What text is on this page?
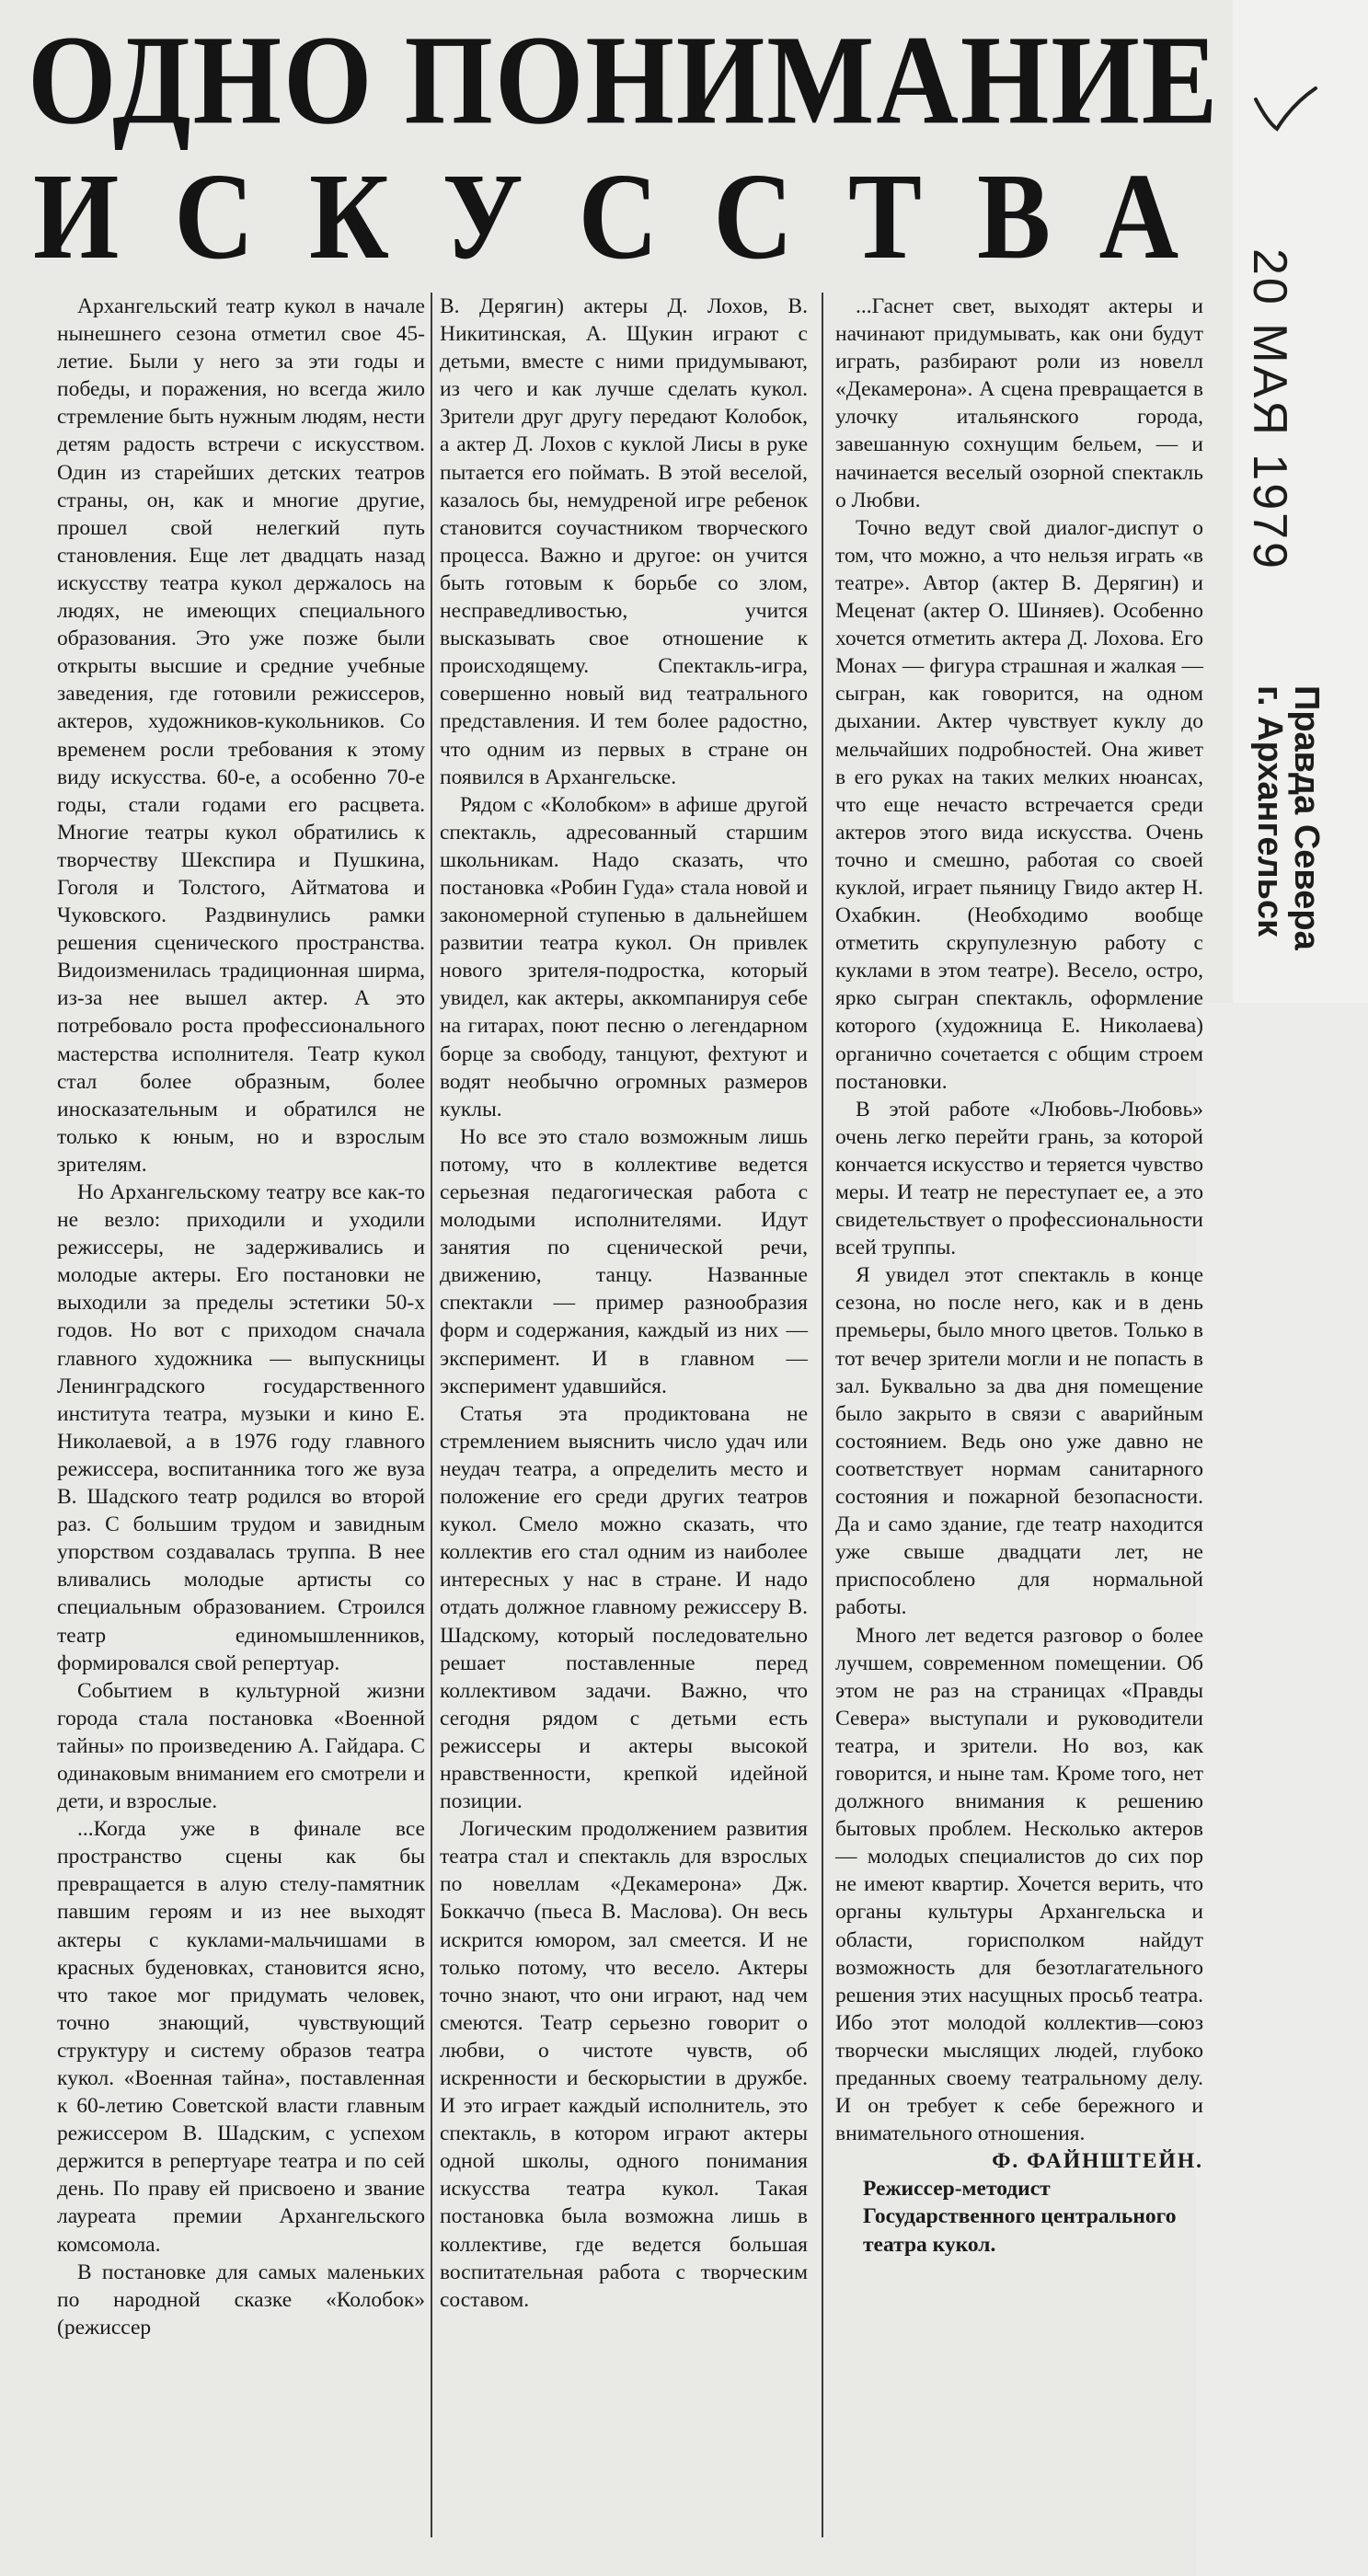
ОДНО ПОНИМАНИЕ
ИСКУССТВА
20 МАЯ 1979
Правда Севера
г. Архангельск

Архангельский театр кукол в начале нынешнего сезона отметил свое 45-летие. Были у него за эти годы и победы, и поражения, но всегда жило стремление быть нужным людям, нести детям радость встречи с искусством. Один из старейших детских театров страны, он, как и многие другие, прошел свой нелегкий путь становления. Еще лет двадцать назад искусству театра кукол держалось на людях, не имеющих специального образования. Это уже позже были открыты высшие и средние учебные заведения, где готовили режиссеров, актеров, художников-кукольников. Со временем росли требования к этому виду искусства. 60-е, а особенно 70-е годы, стали годами его расцвета. Многие театры кукол обратились к творчеству Шекспира и Пушкина, Гоголя и Толстого, Айтматова и Чуковского. Раздвинулись рамки решения сценического пространства. Видоизменилась традиционная ширма, из-за нее вышел актер. А это потребовало роста профессионального мастерства исполнителя. Театр кукол стал более образным, более иносказательным и обратился не только к юным, но и взрослым зрителям.

Но Архангельскому театру все как-то не везло: приходили и уходили режиссеры, не задерживались и молодые актеры. Его постановки не выходили за пределы эстетики 50-х годов. Но вот с приходом сначала главного художника — выпускницы Ленинградского государственного института театра, музыки и кино Е. Николаевой, а в 1976 году главного режиссера, воспитанника того же вуза В. Шадского театр родился во второй раз. С большим трудом и завидным упорством создавалась труппа. В нее вливались молодые артисты со специальным образованием. Строился театр единомышленников, формировался свой репертуар.

Событием в культурной жизни города стала постановка «Военной тайны» по произведению А. Гайдара. С одинаковым вниманием его смотрели и дети, и взрослые.

...Когда уже в финале все пространство сцены как бы превращается в алую стелу-памятник павшим героям и из нее выходят актеры с куклами-мальчишами в красных буденовках, становится ясно, что такое мог придумать человек, точно знающий, чувствующий структуру и систему образов театра кукол. «Военная тайна», поставленная к 60-летию Советской власти главным режиссером В. Шадским, с успехом держится в репертуаре театра и по сей день. По праву ей присвоено и звание лауреата премии Архангельского комсомола.

В постановке для самых маленьких по народной сказке «Колобок» (режиссер

В. Дерягин) актеры Д. Лохов, В. Никитинская, А. Щукин играют с детьми, вместе с ними придумывают, из чего и как лучше сделать кукол. Зрители друг другу передают Колобок, а актер Д. Лохов с куклой Лисы в руке пытается его поймать. В этой веселой, казалось бы, немудреной игре ребенок становится соучастником творческого процесса. Важно и другое: он учится быть готовым к борьбе со злом, несправедливостью, учится высказывать свое отношение к происходящему. Спектакль-игра, совершенно новый вид театрального представления. И тем более радостно, что одним из первых в стране он появился в Архангельске.

Рядом с «Колобком» в афише другой спектакль, адресованный старшим школьникам. Надо сказать, что постановка «Робин Гуда» стала новой и закономерной ступенью в дальнейшем развитии театра кукол. Он привлек нового зрителя-подростка, который увидел, как актеры, аккомпанируя себе на гитарах, поют песню о легендарном борце за свободу, танцуют, фехтуют и водят необычно огромных размеров куклы.

Но все это стало возможным лишь потому, что в коллективе ведется серьезная педагогическая работа с молодыми исполнителями. Идут занятия по сценической речи, движению, танцу. Названные спектакли — пример разнообразия форм и содержания, каждый из них — эксперимент. И в главном — эксперимент удавшийся.

Статья эта продиктована не стремлением выяснить число удач или неудач театра, а определить место и положение его среди других театров кукол. Смело можно сказать, что коллектив его стал одним из наиболее интересных у нас в стране. И надо отдать должное главному режиссеру В. Шадскому, который последовательно решает поставленные перед коллективом задачи. Важно, что сегодня рядом с детьми есть режиссеры и актеры высокой нравственности, крепкой идейной позиции.

Логическим продолжением развития театра стал и спектакль для взрослых по новеллам «Декамерона» Дж. Боккаччо (пьеса В. Маслова). Он весь искрится юмором, зал смеется. И не только потому, что весело. Актеры точно знают, что они играют, над чем смеются. Театр серьезно говорит о любви, о чистоте чувств, об искренности и бескорыстии в дружбе. И это играет каждый исполнитель, это спектакль, в котором играют актеры одной школы, одного понимания искусства театра кукол. Такая постановка была возможна лишь в коллективе, где ведется большая воспитательная работа с творческим составом.

...Гаснет свет, выходят актеры и начинают придумывать, как они будут играть, разбирают роли из новелл «Декамерона». А сцена превращается в улочку итальянского города, завешанную сохнущим бельем, — и начинается веселый озорной спектакль о Любви.

Точно ведут свой диалог-диспут о том, что можно, а что нельзя играть «в театре». Автор (актер В. Дерягин) и Меценат (актер О. Шиняев). Особенно хочется отметить актера Д. Лохова. Его Монах — фигура страшная и жалкая — сыгран, как говорится, на одном дыхании. Актер чувствует куклу до мельчайших подробностей. Она живет в его руках на таких мелких нюансах, что еще нечасто встречается среди актеров этого вида искусства. Очень точно и смешно, работая со своей куклой, играет пьяницу Гвидо актер Н. Охабкин. (Необходимо вообще отметить скрупулезную работу с куклами в этом театре). Весело, остро, ярко сыгран спектакль, оформление которого (художница Е. Николаева) органично сочетается с общим строем постановки.

В этой работе «Любовь-Любовь» очень легко перейти грань, за которой кончается искусство и теряется чувство меры. И театр не переступает ее, а это свидетельствует о профессиональности всей труппы.

Я увидел этот спектакль в конце сезона, но после него, как и в день премьеры, было много цветов. Только в тот вечер зрители могли и не попасть в зал. Буквально за два дня помещение было закрыто в связи с аварийным состоянием. Ведь оно уже давно не соответствует нормам санитарного состояния и пожарной безопасности. Да и само здание, где театр находится уже свыше двадцати лет, не приспособлено для нормальной работы.

Много лет ведется разговор о более лучшем, современном помещении. Об этом не раз на страницах «Правды Севера» выступали и руководители театра, и зрители. Но воз, как говорится, и ныне там. Кроме того, нет должного внимания к решению бытовых проблем. Несколько актеров — молодых специалистов до сих пор не имеют квартир. Хочется верить, что органы культуры Архангельска и области, горисполком найдут возможность для безотлагательного решения этих насущных просьб театра. Ибо этот молодой коллектив—союз творчески мыслящих людей, глубоко преданных своему театральному делу. И он требует к себе бережного и внимательного отношения.

Ф. ФАЙНШТЕЙН.

Режиссер-методист Государственного центрального театра кукол.
